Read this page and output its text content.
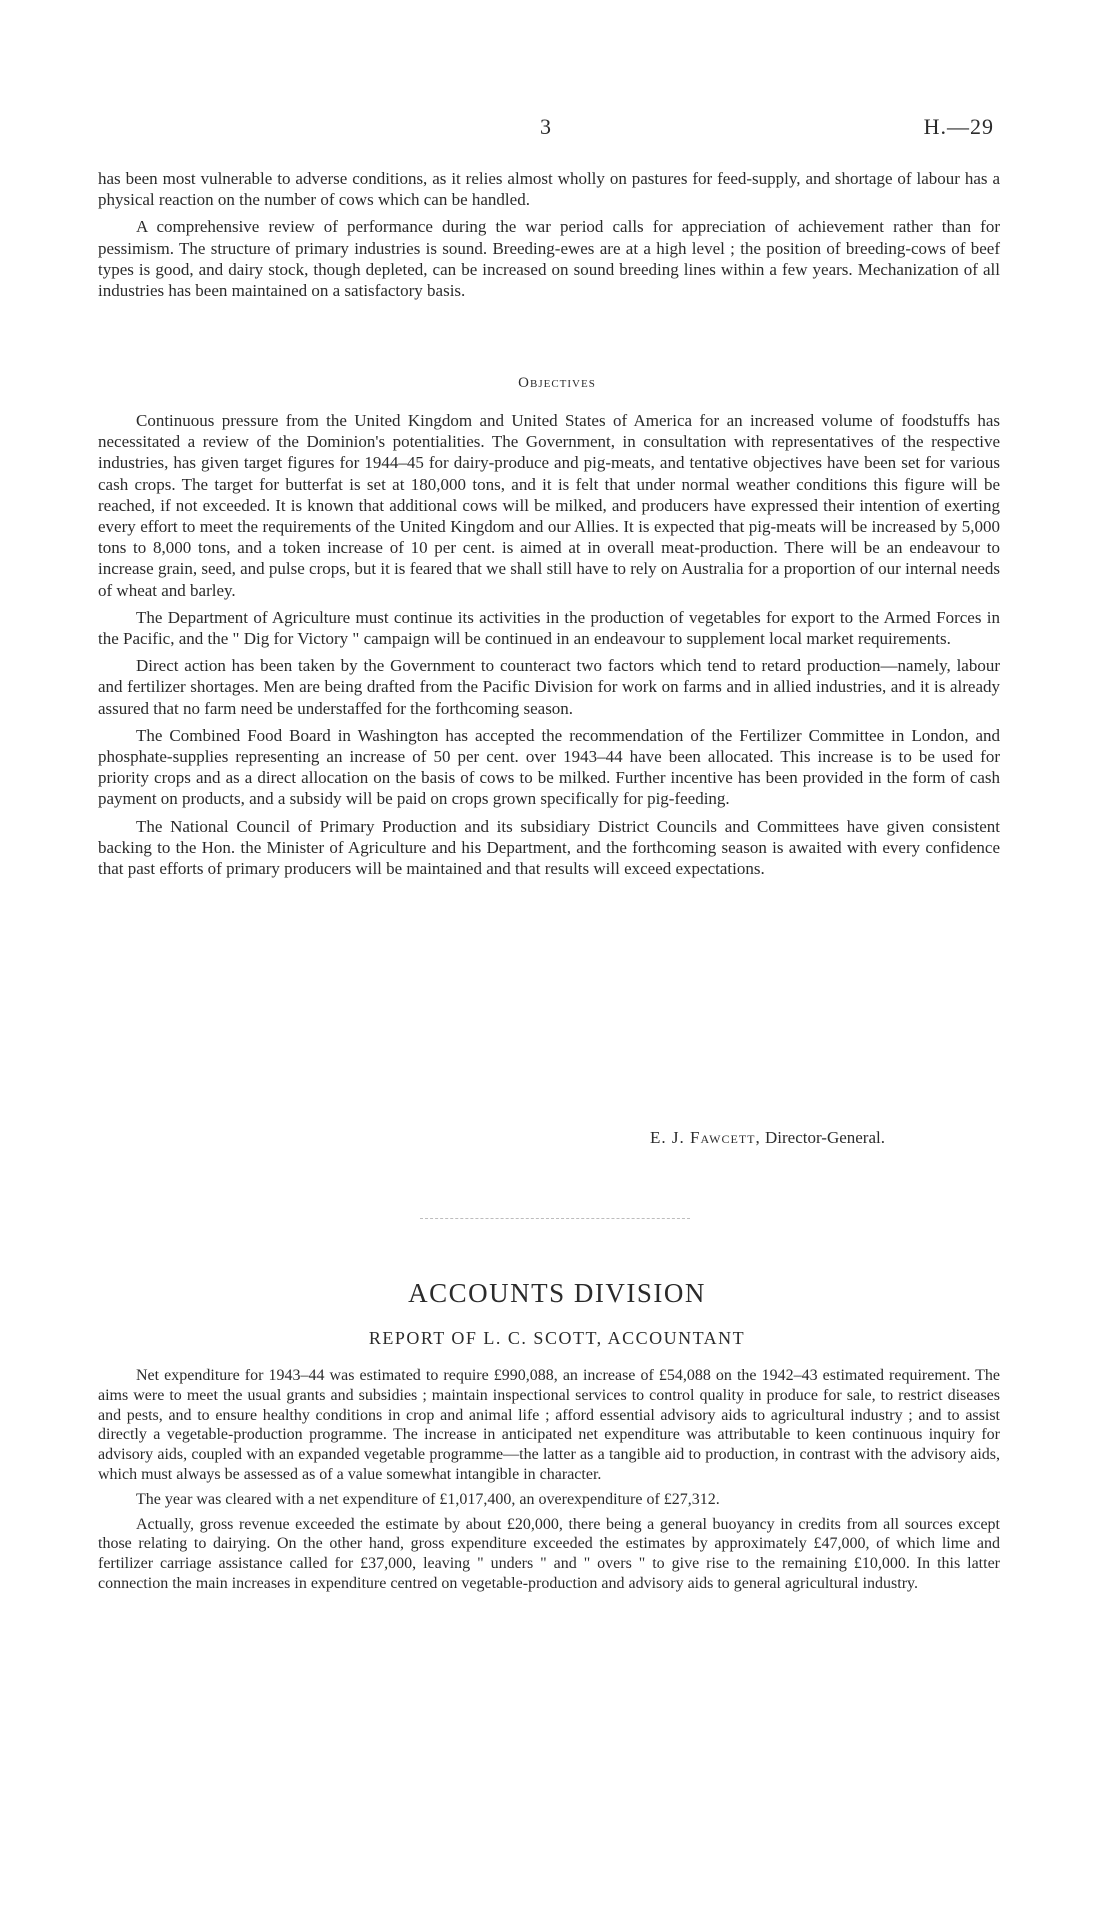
3	H.—29

has been most vulnerable to adverse conditions, as it relies almost wholly on pastures for feed-supply, and shortage of labour has a physical reaction on the number of cows which can be handled.

A comprehensive review of performance during the war period calls for appreciation of achievement rather than for pessimism. The structure of primary industries is sound. Breeding-ewes are at a high level ; the position of breeding-cows of beef types is good, and dairy stock, though depleted, can be increased on sound breeding lines within a few years. Mechanization of all industries has been maintained on a satisfactory basis.

Objectives

Continuous pressure from the United Kingdom and United States of America for an increased volume of foodstuffs has necessitated a review of the Dominion's potentialities. The Government, in consultation with representatives of the respective industries, has given target figures for 1944–45 for dairy-produce and pig-meats, and tentative objectives have been set for various cash crops. The target for butterfat is set at 180,000 tons, and it is felt that under normal weather conditions this figure will be reached, if not exceeded. It is known that additional cows will be milked, and producers have expressed their intention of exerting every effort to meet the requirements of the United Kingdom and our Allies. It is expected that pig-meats will be increased by 5,000 tons to 8,000 tons, and a token increase of 10 per cent. is aimed at in overall meat-production. There will be an endeavour to increase grain, seed, and pulse crops, but it is feared that we shall still have to rely on Australia for a proportion of our internal needs of wheat and barley.

The Department of Agriculture must continue its activities in the production of vegetables for export to the Armed Forces in the Pacific, and the " Dig for Victory " campaign will be continued in an endeavour to supplement local market requirements.

Direct action has been taken by the Government to counteract two factors which tend to retard production—namely, labour and fertilizer shortages. Men are being drafted from the Pacific Division for work on farms and in allied industries, and it is already assured that no farm need be understaffed for the forthcoming season.

The Combined Food Board in Washington has accepted the recommendation of the Fertilizer Committee in London, and phosphate-supplies representing an increase of 50 per cent. over 1943–44 have been allocated. This increase is to be used for priority crops and as a direct allocation on the basis of cows to be milked. Further incentive has been provided in the form of cash payment on products, and a subsidy will be paid on crops grown specifically for pig-feeding.

The National Council of Primary Production and its subsidiary District Councils and Committees have given consistent backing to the Hon. the Minister of Agriculture and his Department, and the forthcoming season is awaited with every confidence that past efforts of primary producers will be maintained and that results will exceed expectations.

E. J. Fawcett, Director-General.
ACCOUNTS DIVISION
REPORT OF L. C. SCOTT, ACCOUNTANT

Net expenditure for 1943–44 was estimated to require £990,088, an increase of £54,088 on the 1942–43 estimated requirement. The aims were to meet the usual grants and subsidies ; maintain inspectional services to control quality in produce for sale, to restrict diseases and pests, and to ensure healthy conditions in crop and animal life ; afford essential advisory aids to agricultural industry ; and to assist directly a vegetable-production programme. The increase in anticipated net expenditure was attributable to keen continuous inquiry for advisory aids, coupled with an expanded vegetable programme—the latter as a tangible aid to production, in contrast with the advisory aids, which must always be assessed as of a value somewhat intangible in character.

The year was cleared with a net expenditure of £1,017,400, an overexpenditure of £27,312.

Actually, gross revenue exceeded the estimate by about £20,000, there being a general buoyancy in credits from all sources except those relating to dairying. On the other hand, gross expenditure exceeded the estimates by approximately £47,000, of which lime and fertilizer carriage assistance called for £37,000, leaving " unders " and " overs " to give rise to the remaining £10,000. In this latter connection the main increases in expenditure centred on vegetable-production and advisory aids to general agricultural industry.
